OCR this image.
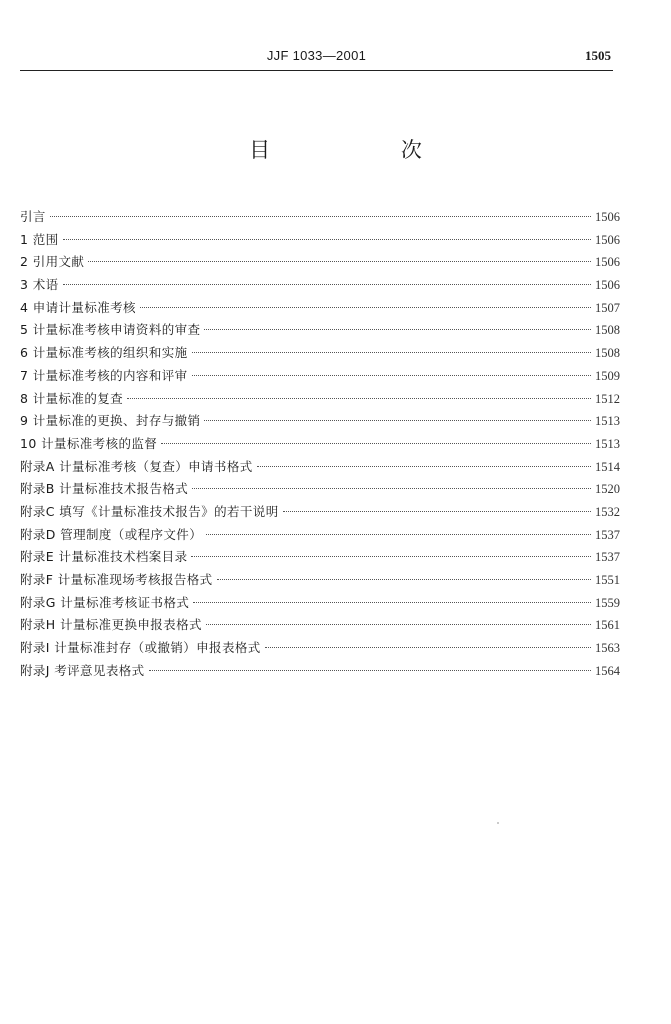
JJF 1033—2001	1505
目 次
引言	1506
1 范围	1506
2 引用文献	1506
3 术语	1506
4 申请计量标准考核	1507
5 计量标准考核申请资料的审查	1508
6 计量标准考核的组织和实施	1508
7 计量标准考核的内容和评审	1509
8 计量标准的复查	1512
9 计量标准的更换、封存与撤销	1513
10 计量标准考核的监督	1513
附录A 计量标准考核（复查）申请书格式	1514
附录B 计量标准技术报告格式	1520
附录C 填写《计量标准技术报告》的若干说明	1532
附录D 管理制度（或程序文件）	1537
附录E 计量标准技术档案目录	1537
附录F 计量标准现场考核报告格式	1551
附录G 计量标准考核证书格式	1559
附录H 计量标准更换申报表格式	1561
附录I 计量标准封存（或撤销）申报表格式	1563
附录J 考评意见表格式	1564
